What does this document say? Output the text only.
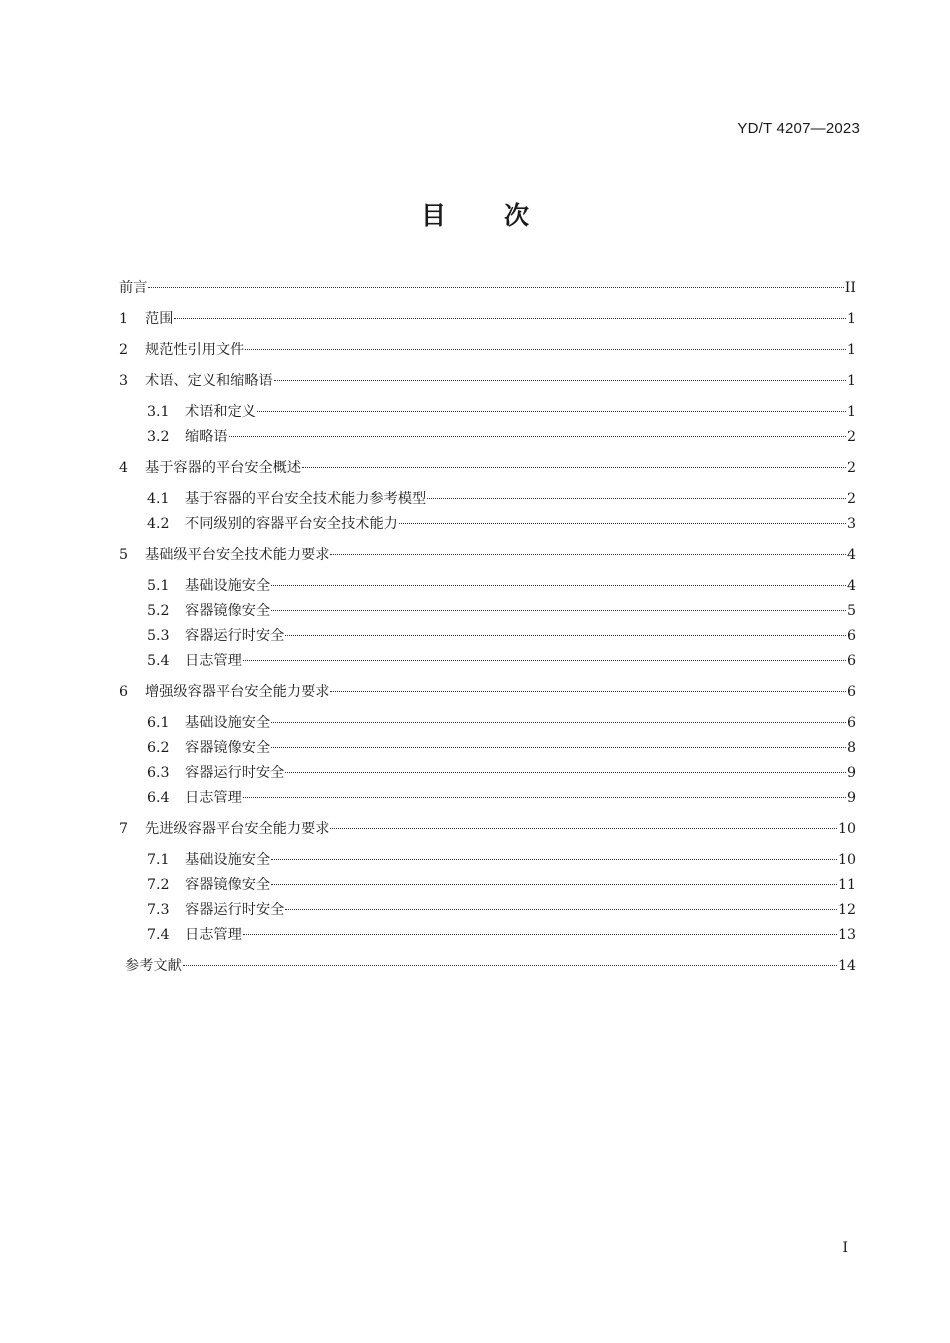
YD/T 4207—2023
目 次
前言	II
1	范围	1
2	规范性引用文件	1
3	术语、定义和缩略语	1
3.1	术语和定义	1
3.2	缩略语	2
4	基于容器的平台安全概述	2
4.1	基于容器的平台安全技术能力参考模型	2
4.2	不同级别的容器平台安全技术能力	3
5	基础级平台安全技术能力要求	4
5.1	基础设施安全	4
5.2	容器镜像安全	5
5.3	容器运行时安全	6
5.4	日志管理	6
6	增强级容器平台安全能力要求	6
6.1	基础设施安全	6
6.2	容器镜像安全	8
6.3	容器运行时安全	9
6.4	日志管理	9
7	先进级容器平台安全能力要求	10
7.1	基础设施安全	10
7.2	容器镜像安全	11
7.3	容器运行时安全	12
7.4	日志管理	13
参考文献	14
I
